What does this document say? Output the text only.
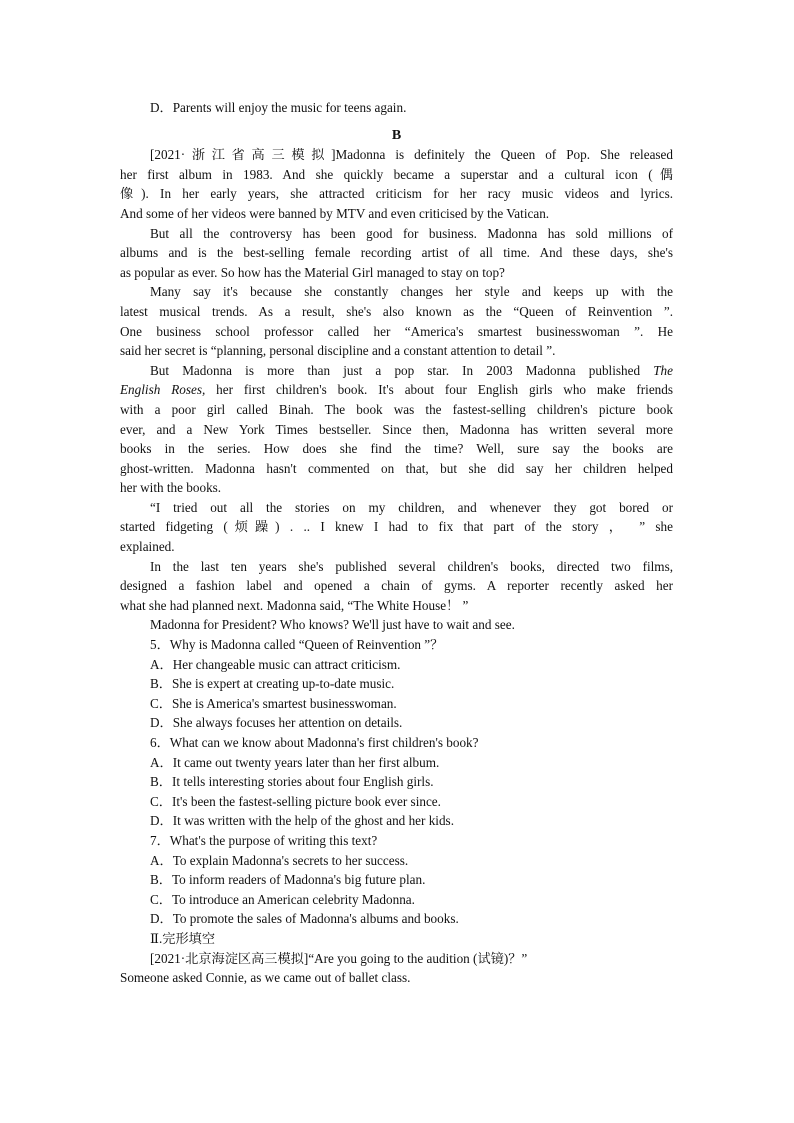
D．Parents will enjoy the music for teens again.

B

[2021·浙江省高三模拟]Madonna is definitely the Queen of Pop. She released

her first album in 1983. And she quickly became a superstar and a cultural icon (偶

像). In her early years, she attracted criticism for her racy music videos and lyrics.

And some of her videos were banned by MTV and even criticised by the Vatican.

But all the controversy has been good for business. Madonna has sold millions of

albums and is the best-selling female recording artist of all time. And these days, she's

as popular as ever. So how has the Material Girl managed to stay on top?

Many say it's because she constantly changes her style and keeps up with the

latest musical trends. As a result, she's also known as the “Queen of Reinvention ”.

One business school professor called her “America's smartest businesswoman ”. He

said her secret is “planning, personal discipline and a constant attention to detail ”.

But Madonna is more than just a pop star. In 2003 Madonna published The

English Roses, her first children's book. It's about four English girls who make friends

with a poor girl called Binah. The book was the fastest-selling children's picture book

ever, and a New York Times bestseller. Since then, Madonna has written several more

books in the series. How does she find the time? Well, sure say the books are

ghost-written. Madonna hasn't commented on that, but she did say her children helped

her with the books.

“I tried out all the stories on my children, and whenever they got bored or

started fidgeting (烦躁) . .. I knew I had to fix that part of the story ， ” she

explained.

In the last ten years she's published several children's books, directed two films,

designed a fashion label and opened a chain of gyms. A reporter recently asked her

what she had planned next. Madonna said, “The White House！ ”

Madonna for President? Who knows? We'll just have to wait and see.

5．Why is Madonna called “Queen of Reinvention ”？

A．Her changeable music can attract criticism.

B．She is expert at creating up-to-date music.

C．She is America's smartest businesswoman.

D．She always focuses her attention on details.

6．What can we know about Madonna's first children's book?

A．It came out twenty years later than her first album.

B．It tells interesting stories about four English girls.

C．It's been the fastest-selling picture book ever since.

D．It was written with the help of the ghost and her kids.

7．What's the purpose of writing this text?

A．To explain Madonna's secrets to her success.

B．To inform readers of Madonna's big future plan.

C．To introduce an American celebrity Madonna.

D．To promote the sales of Madonna's albums and books.

Ⅱ.完形填空

[2021·北京海淀区高三模拟]“Are you going to the audition (试镜)？”

Someone asked Connie, as we came out of ballet class.
